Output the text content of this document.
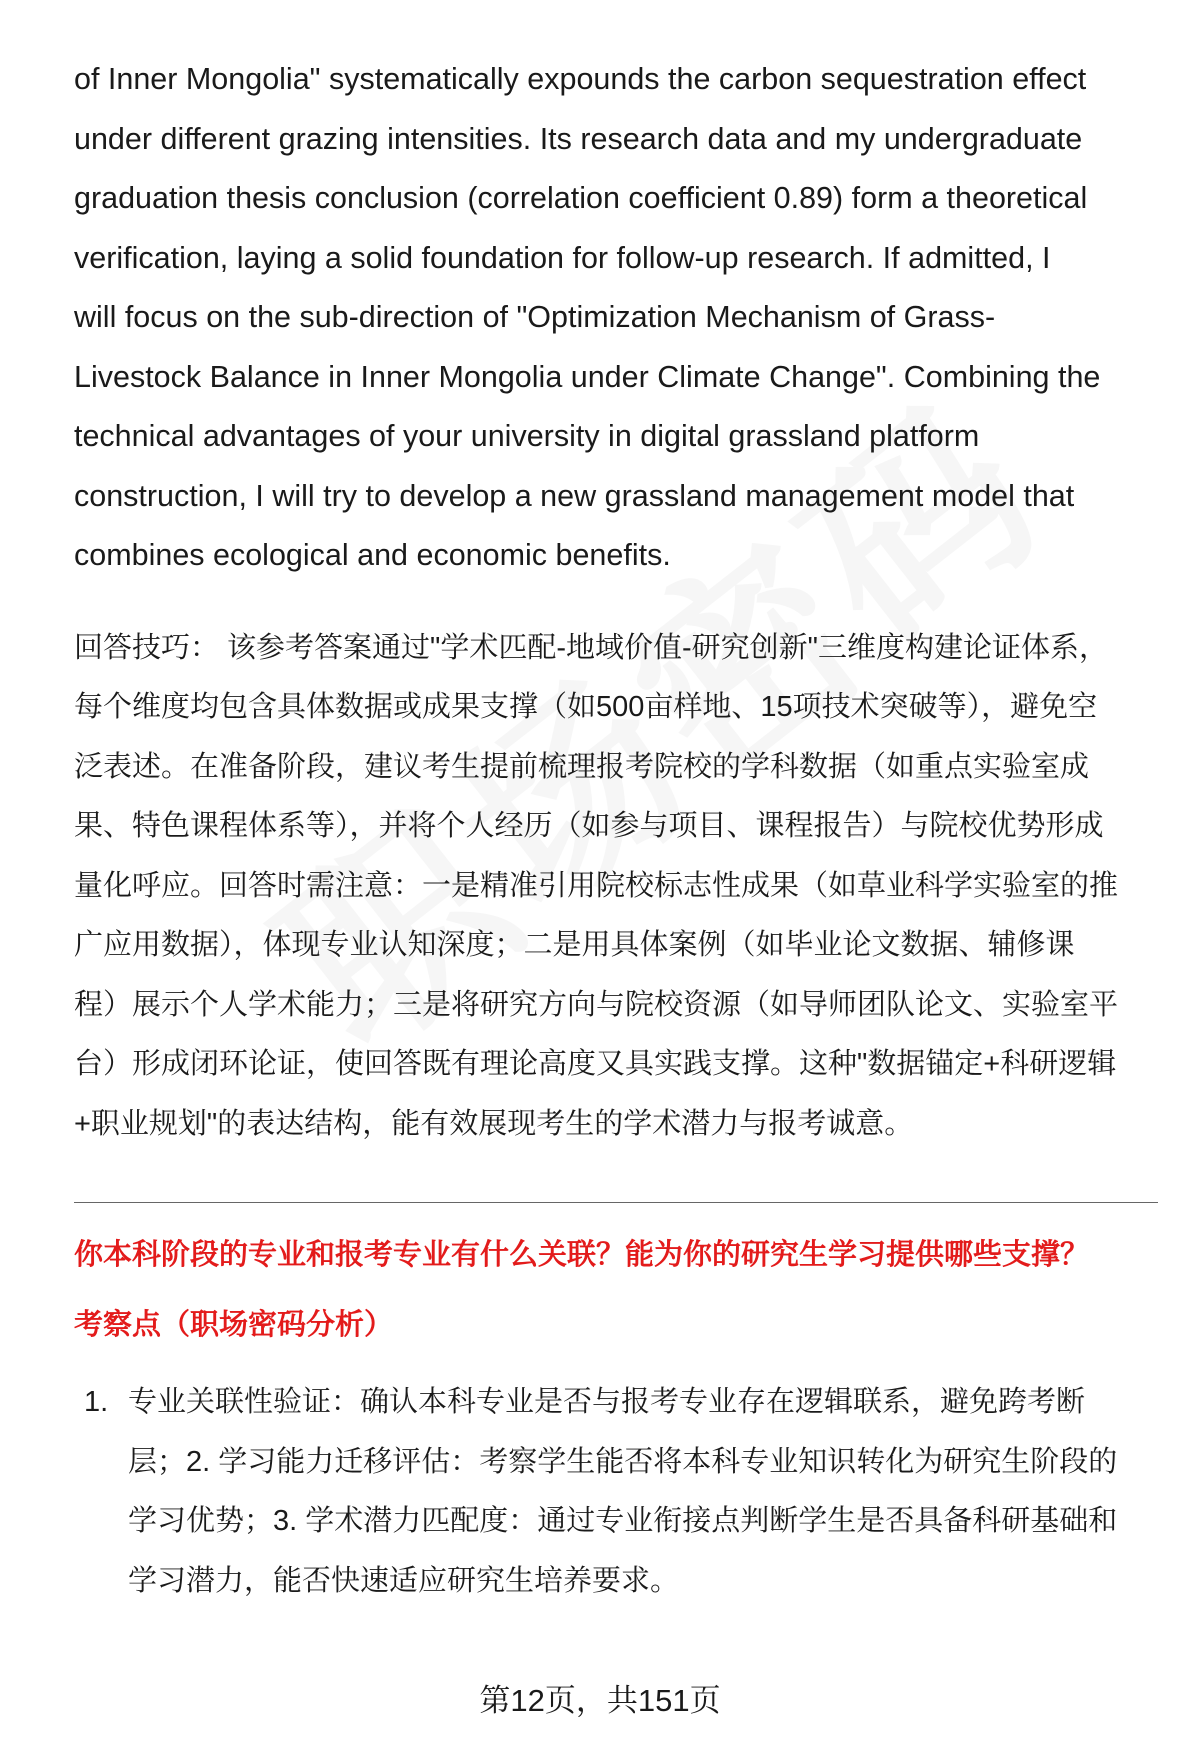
of Inner Mongolia" systematically expounds the carbon sequestration effect
under different grazing intensities. Its research data and my undergraduate
graduation thesis conclusion (correlation coefficient 0.89) form a theoretical
verification, laying a solid foundation for follow-up research. If admitted, I
will focus on the sub-direction of "Optimization Mechanism of Grass-
Livestock Balance in Inner Mongolia under Climate Change". Combining the
technical advantages of your university in digital grassland platform
construction, I will try to develop a new grassland management model that
combines ecological and economic benefits.
回答技巧： 该参考答案通过"学术匹配-地域价值-研究创新"三维度构建论证体系，
每个维度均包含具体数据或成果支撑（如500亩样地、15项技术突破等），避免空
泛表述。在准备阶段，建议考生提前梳理报考院校的学科数据（如重点实验室成
果、特色课程体系等），并将个人经历（如参与项目、课程报告）与院校优势形成
量化呼应。回答时需注意：一是精准引用院校标志性成果（如草业科学实验室的推
广应用数据），体现专业认知深度；二是用具体案例（如毕业论文数据、辅修课
程）展示个人学术能力；三是将研究方向与院校资源（如导师团队论文、实验室平
台）形成闭环论证，使回答既有理论高度又具实践支撑。这种"数据锚定+科研逻辑
+职业规划"的表达结构，能有效展现考生的学术潜力与报考诚意。
你本科阶段的专业和报考专业有什么关联？能为你的研究生学习提供哪些支撑？
考察点（职场密码分析）
1. 专业关联性验证：确认本科专业是否与报考专业存在逻辑联系，避免跨考断
层；2. 学习能力迁移评估：考察学生能否将本科专业知识转化为研究生阶段的
学习优势；3. 学术潜力匹配度：通过专业衔接点判断学生是否具备科研基础和
学习潜力，能否快速适应研究生培养要求。
第12页，共151页
